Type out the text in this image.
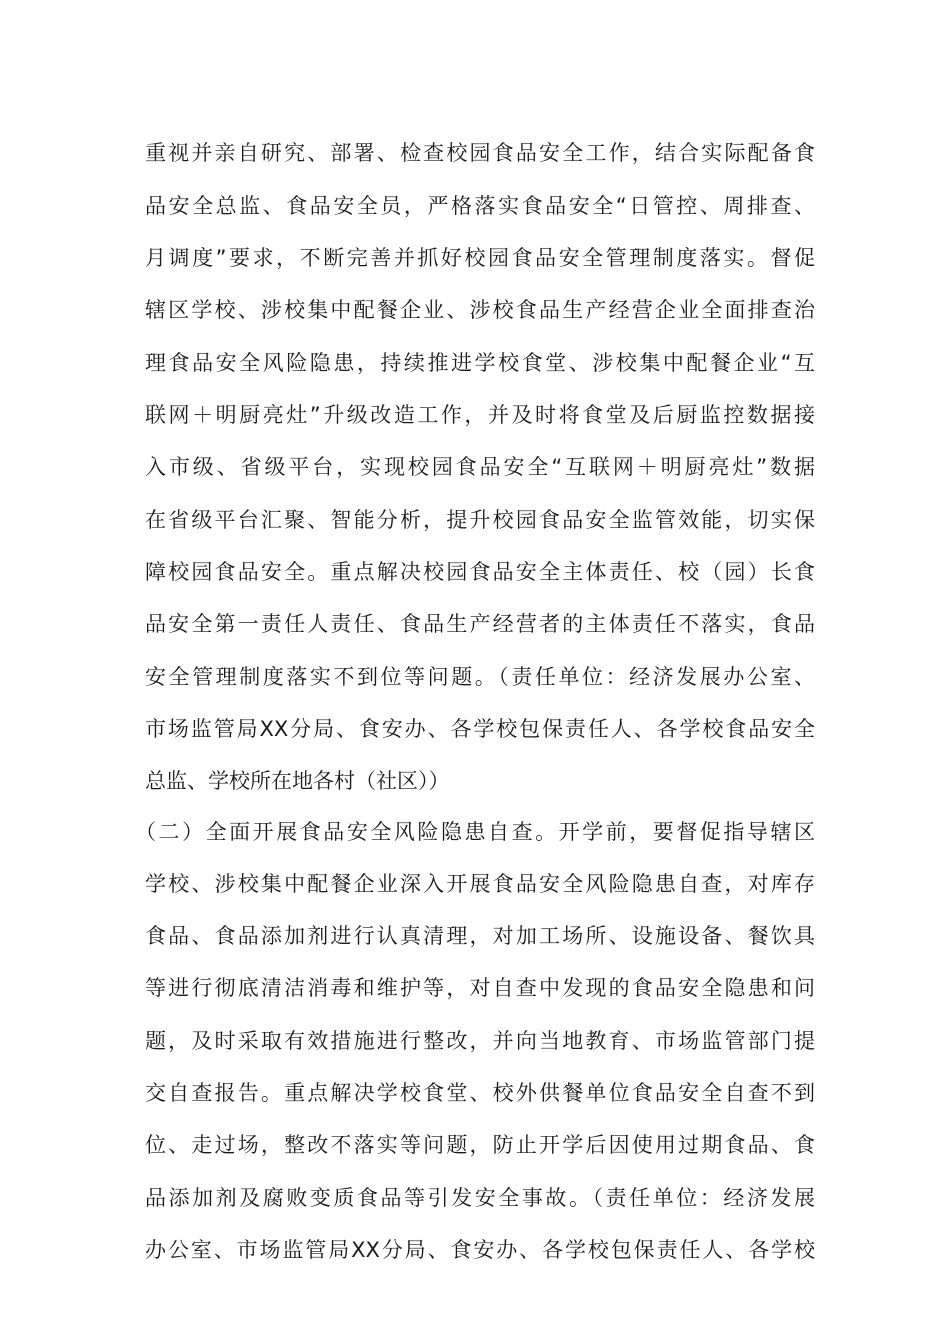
重视并亲自研究、部署、检查校园食品安全工作，结合实际配备食
品安全总监、食品安全员，严格落实食品安全“日管控、周排查、
月调度”要求，不断完善并抓好校园食品安全管理制度落实。督促
辖区学校、涉校集中配餐企业、涉校食品生产经营企业全面排查治
理食品安全风险隐患，持续推进学校食堂、涉校集中配餐企业“互
联网＋明厨亮灶”升级改造工作，并及时将食堂及后厨监控数据接
入市级、省级平台，实现校园食品安全“互联网＋明厨亮灶”数据
在省级平台汇聚、智能分析，提升校园食品安全监管效能，切实保
障校园食品安全。重点解决校园食品安全主体责任、校（园）长食
品安全第一责任人责任、食品生产经营者的主体责任不落实，食品
安全管理制度落实不到位等问题。（责任单位：经济发展办公室、
市场监管局XX分局、食安办、各学校包保责任人、各学校食品安全
总监、学校所在地各村（社区））
（二）全面开展食品安全风险隐患自查。开学前，要督促指导辖区
学校、涉校集中配餐企业深入开展食品安全风险隐患自查，对库存
食品、食品添加剂进行认真清理，对加工场所、设施设备、餐饮具
等进行彻底清洁消毒和维护等，对自查中发现的食品安全隐患和问
题，及时采取有效措施进行整改，并向当地教育、市场监管部门提
交自查报告。重点解决学校食堂、校外供餐单位食品安全自查不到
位、走过场，整改不落实等问题，防止开学后因使用过期食品、食
品添加剂及腐败变质食品等引发安全事故。（责任单位：经济发展
办公室、市场监管局XX分局、食安办、各学校包保责任人、各学校
